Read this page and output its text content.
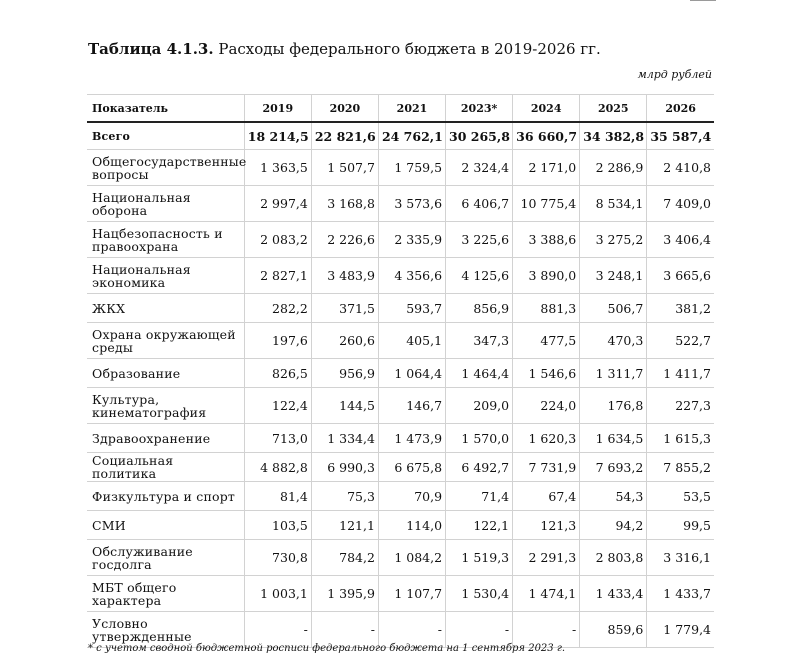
Таблица 4.1.3. Расходы федерального бюджета в 2019-2026 гг.
млрд рублей
Показатель	2019	2020	2021	2023*	2024	2025	2026
Всего	18 214,5	22 821,6	24 762,1	30 265,8	36 660,7	34 382,8	35 587,4
Общегосударственные вопросы	1 363,5	1 507,7	1 759,5	2 324,4	2 171,0	2 286,9	2 410,8
Национальная оборона	2 997,4	3 168,8	3 573,6	6 406,7	10 775,4	8 534,1	7 409,0
Нацбезопасность и правоохрана	2 083,2	2 226,6	2 335,9	3 225,6	3 388,6	3 275,2	3 406,4
Национальная экономика	2 827,1	3 483,9	4 356,6	4 125,6	3 890,0	3 248,1	3 665,6
ЖКХ	282,2	371,5	593,7	856,9	881,3	506,7	381,2
Охрана окружающей среды	197,6	260,6	405,1	347,3	477,5	470,3	522,7
Образование	826,5	956,9	1 064,4	1 464,4	1 546,6	1 311,7	1 411,7
Культура, кинематография	122,4	144,5	146,7	209,0	224,0	176,8	227,3
Здравоохранение	713,0	1 334,4	1 473,9	1 570,0	1 620,3	1 634,5	1 615,3
Социальная политика	4 882,8	6 990,3	6 675,8	6 492,7	7 731,9	7 693,2	7 855,2
Физкультура и спорт	81,4	75,3	70,9	71,4	67,4	54,3	53,5
СМИ	103,5	121,1	114,0	122,1	121,3	94,2	99,5
Обслуживание госдолга	730,8	784,2	1 084,2	1 519,3	2 291,3	2 803,8	3 316,1
МБТ общего характера	1 003,1	1 395,9	1 107,7	1 530,4	1 474,1	1 433,4	1 433,7
Условно утвержденные	-	-	-	-	-	859,6	1 779,4
* с учетом сводной бюджетной росписи федерального бюджета на 1 сентября 2023 г.
